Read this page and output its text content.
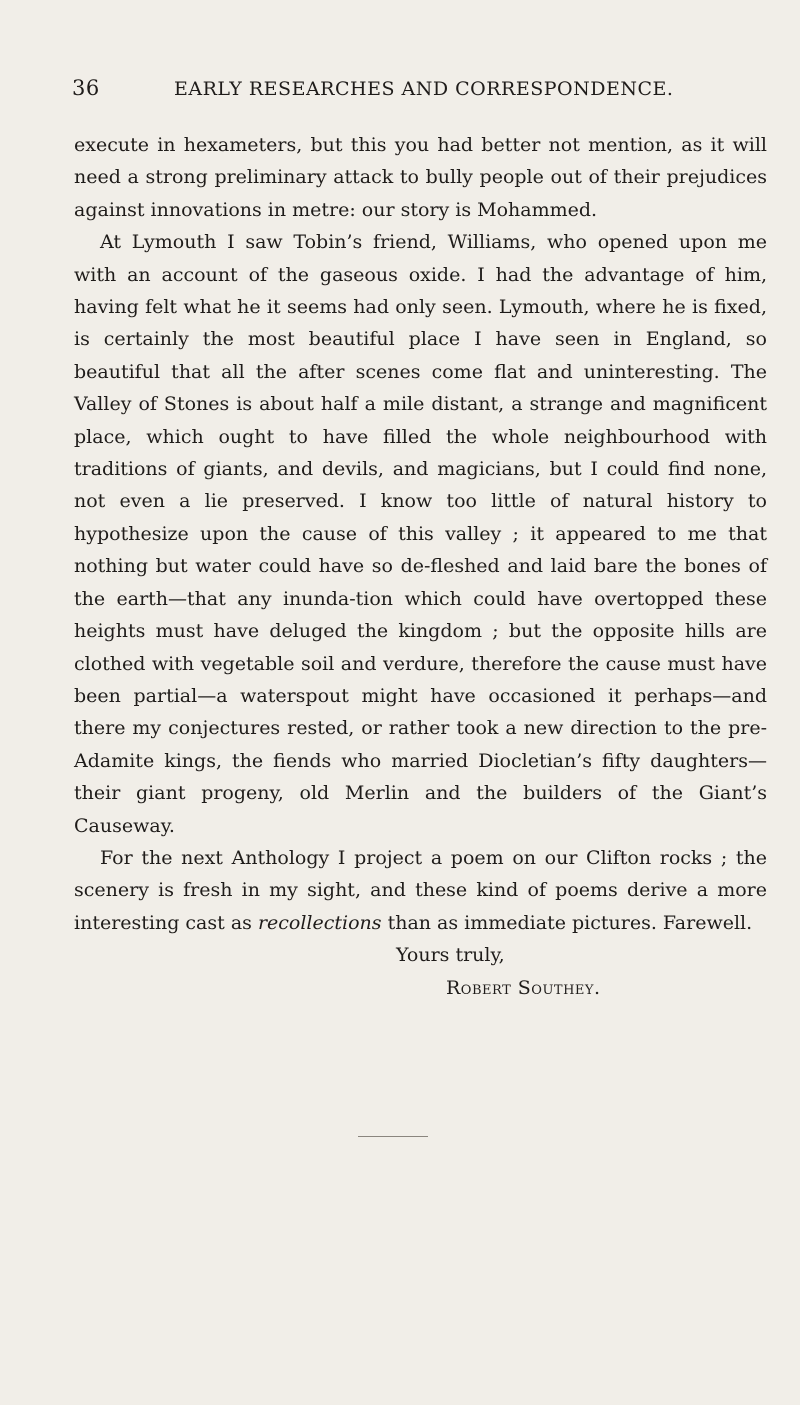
36	EARLY RESEARCHES AND CORRESPONDENCE.

execute in hexameters, but this you had better not mention, as it will need a strong preliminary attack to bully people out of their prejudices against innovations in metre: our story is Mohammed.

At Lymouth I saw Tobin’s friend, Williams, who opened upon me with an account of the gaseous oxide. I had the advantage of him, having felt what he it seems had only seen. Lymouth, where he is fixed, is certainly the most beautiful place I have seen in England, so beautiful that all the after scenes come flat and uninteresting. The Valley of Stones is about half a mile distant, a strange and magnificent place, which ought to have filled the whole neighbourhood with traditions of giants, and devils, and magicians, but I could find none, not even a lie preserved. I know too little of natural history to hypothesize upon the cause of this valley ; it appeared to me that nothing but water could have so de-fleshed and laid bare the bones of the earth—that any inunda-tion which could have overtopped these heights must have deluged the kingdom ; but the opposite hills are clothed with vegetable soil and verdure, therefore the cause must have been partial—a waterspout might have occasioned it perhaps—and there my conjectures rested, or rather took a new direction to the pre-Adamite kings, the fiends who married Diocletian’s fifty daughters—their giant progeny, old Merlin and the builders of the Giant’s Causeway.

For the next Anthology I project a poem on our Clifton rocks ; the scenery is fresh in my sight, and these kind of poems derive a more interesting cast as recollections than as immediate pictures. Farewell.

Yours truly,
Robert Southey.
